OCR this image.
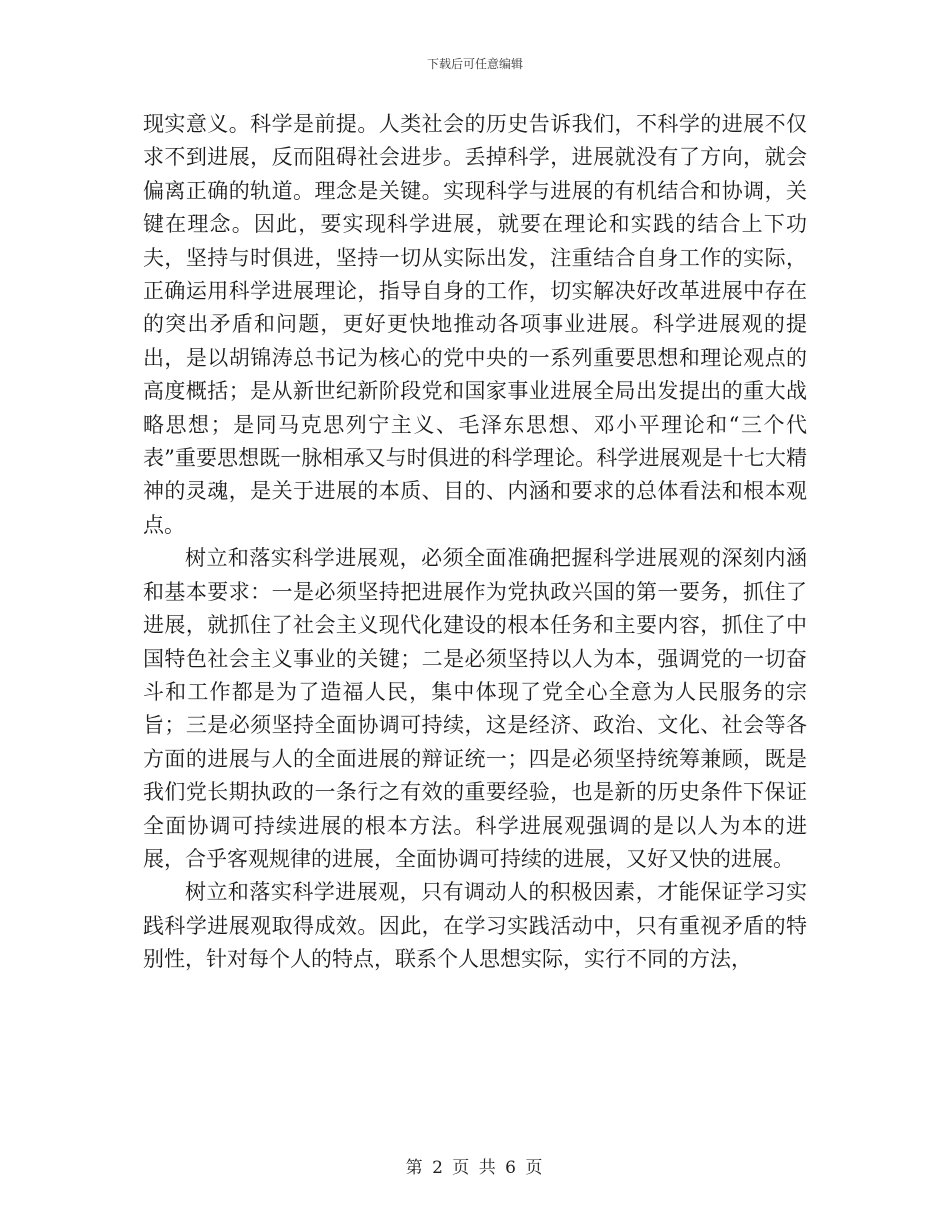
下载后可任意编辑

现实意义。科学是前提。人类社会的历史告诉我们，不科学的进展不仅求不到进展，反而阻碍社会进步。丢掉科学，进展就没有了方向，就会偏离正确的轨道。理念是关键。实现科学与进展的有机结合和协调，关键在理念。因此，要实现科学进展，就要在理论和实践的结合上下功夫，坚持与时俱进，坚持一切从实际出发，注重结合自身工作的实际，正确运用科学进展理论，指导自身的工作，切实解决好改革进展中存在的突出矛盾和问题，更好更快地推动各项事业进展。科学进展观的提出，是以胡锦涛总书记为核心的党中央的一系列重要思想和理论观点的高度概括；是从新世纪新阶段党和国家事业进展全局出发提出的重大战略思想；是同马克思列宁主义、毛泽东思想、邓小平理论和“三个代表”重要思想既一脉相承又与时俱进的科学理论。科学进展观是十七大精神的灵魂，是关于进展的本质、目的、内涵和要求的总体看法和根本观点。

树立和落实科学进展观，必须全面准确把握科学进展观的深刻内涵和基本要求：一是必须坚持把进展作为党执政兴国的第一要务，抓住了进展，就抓住了社会主义现代化建设的根本任务和主要内容，抓住了中国特色社会主义事业的关键；二是必须坚持以人为本，强调党的一切奋斗和工作都是为了造福人民，集中体现了党全心全意为人民服务的宗旨；三是必须坚持全面协调可持续，这是经济、政治、文化、社会等各方面的进展与人的全面进展的辩证统一；四是必须坚持统筹兼顾，既是我们党长期执政的一条行之有效的重要经验，也是新的历史条件下保证全面协调可持续进展的根本方法。科学进展观强调的是以人为本的进展，合乎客观规律的进展，全面协调可持续的进展，又好又快的进展。

树立和落实科学进展观，只有调动人的积极因素，才能保证学习实践科学进展观取得成效。因此，在学习实践活动中，只有重视矛盾的特别性，针对每个人的特点，联系个人思想实际，实行不同的方法，

第 2 页 共 6 页
